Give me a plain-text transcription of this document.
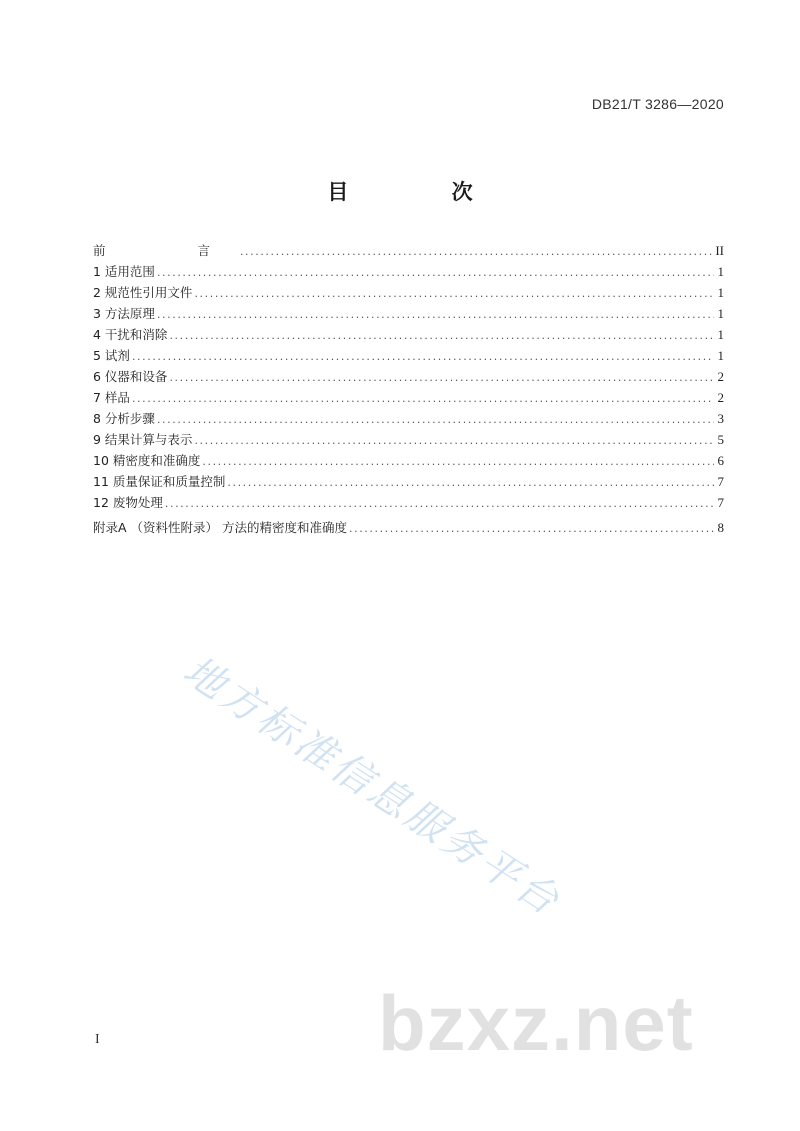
DB21/T 3286—2020
目 次
前  言 .....	II
1 适用范围 .....	1
2 规范性引用文件 .....	1
3 方法原理 .....	1
4 干扰和消除 .....	1
5 试剂 .....	1
6 仪器和设备 .....	2
7 样品 .....	2
8 分析步骤 .....	3
9 结果计算与表示 .....	5
10 精密度和准确度 .....	6
11 质量保证和质量控制 .....	7
12 废物处理 .....	7
附录A （资料性附录） 方法的精密度和准确度 .....	8
地方标准信息服务平台
bzxz.net
I
